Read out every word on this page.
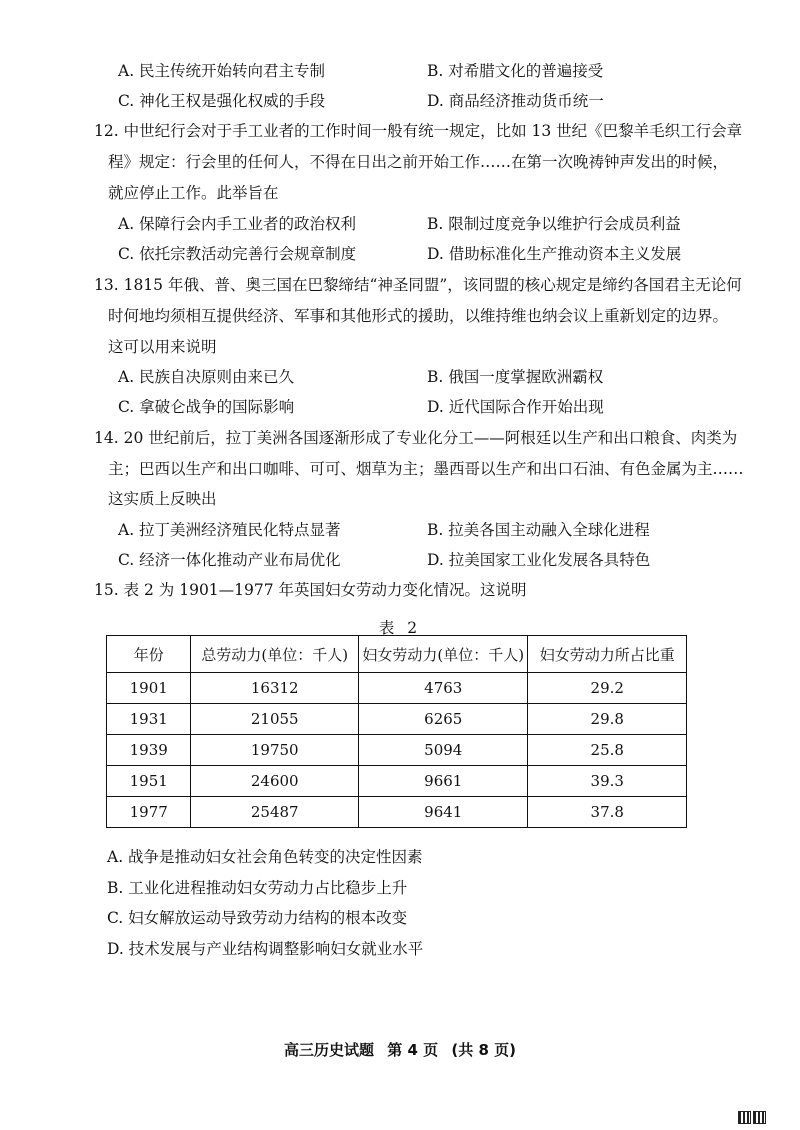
A. 民主传统开始转向君主专制	B. 对希腊文化的普遍接受
C. 神化王权是强化权威的手段	D. 商品经济推动货币统一
12. 中世纪行会对于手工业者的工作时间一般有统一规定，比如 13 世纪《巴黎羊毛织工行会章
程》规定：行会里的任何人，不得在日出之前开始工作……在第一次晚祷钟声发出的时候，
就应停止工作。此举旨在
A. 保障行会内手工业者的政治权利	B. 限制过度竞争以维护行会成员利益
C. 依托宗教活动完善行会规章制度	D. 借助标准化生产推动资本主义发展
13. 1815 年俄、普、奥三国在巴黎缔结“神圣同盟”，该同盟的核心规定是缔约各国君主无论何
时何地均须相互提供经济、军事和其他形式的援助，以维持维也纳会议上重新划定的边界。
这可以用来说明
A. 民族自决原则由来已久	B. 俄国一度掌握欧洲霸权
C. 拿破仑战争的国际影响	D. 近代国际合作开始出现
14. 20 世纪前后，拉丁美洲各国逐渐形成了专业化分工——阿根廷以生产和出口粮食、肉类为
主；巴西以生产和出口咖啡、可可、烟草为主；墨西哥以生产和出口石油、有色金属为主……
这实质上反映出
A. 拉丁美洲经济殖民化特点显著	B. 拉美各国主动融入全球化进程
C. 经济一体化推动产业布局优化	D. 拉美国家工业化发展各具特色
15. 表 2 为 1901—1977 年英国妇女劳动力变化情况。这说明
表 2
年份	总劳动力(单位：千人)	妇女劳动力(单位：千人)	妇女劳动力所占比重
1901	16312	4763	29.2
1931	21055	6265	29.8
1939	19750	5094	25.8
1951	24600	9661	39.3
1977	25487	9641	37.8
A. 战争是推动妇女社会角色转变的决定性因素
B. 工业化进程推动妇女劳动力占比稳步上升
C. 妇女解放运动导致劳动力结构的根本改变
D. 技术发展与产业结构调整影响妇女就业水平
高三历史试题 第 4 页 (共 8 页)
